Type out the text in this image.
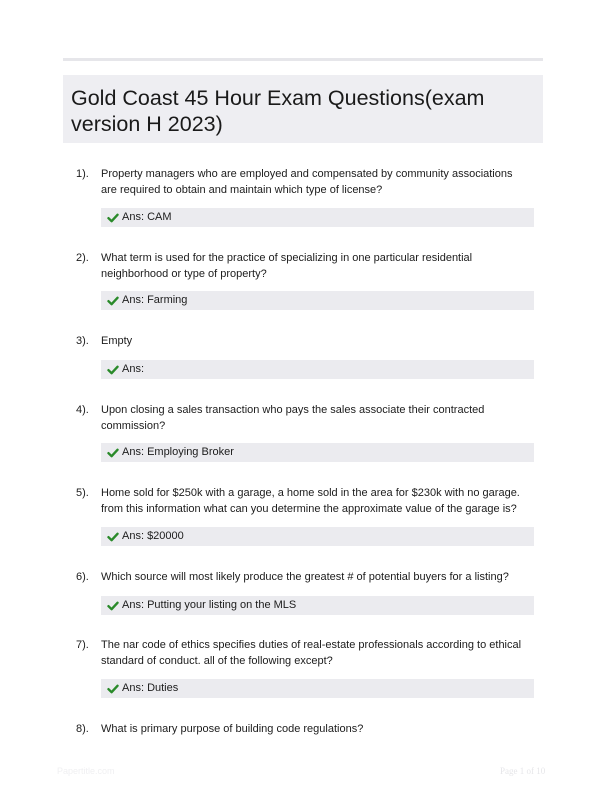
Gold Coast 45 Hour Exam Questions(exam version H 2023)
1). Property managers who are employed and compensated by community associations are required to obtain and maintain which type of license?
Ans: CAM
2). What term is used for the practice of specializing in one particular residential neighborhood or type of property?
Ans: Farming
3). Empty
Ans:
4). Upon closing a sales transaction who pays the sales associate their contracted commission?
Ans: Employing Broker
5). Home sold for $250k with a garage, a home sold in the area for $230k with no garage. from this information what can you determine the approximate value of the garage is?
Ans: $20000
6). Which source will most likely produce the greatest # of potential buyers for a listing?
Ans: Putting your listing on the MLS
7). The nar code of ethics specifies duties of real-estate professionals according to ethical standard of conduct. all of the following except?
Ans: Duties
8). What is primary purpose of building code regulations?
Papertitle.com	Page 1 of 10
